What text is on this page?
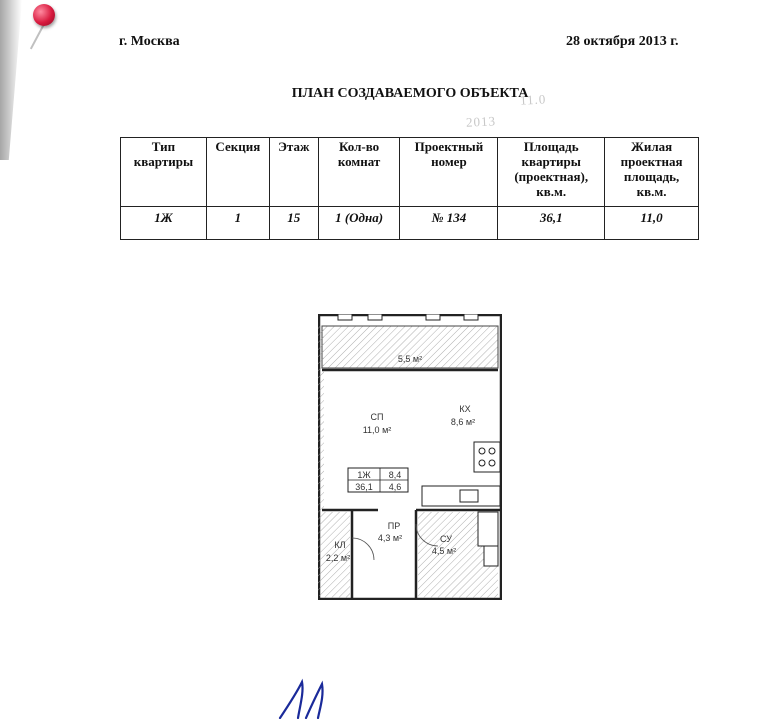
2013
11.0
г. Москва	28 октября 2013 г.
ПЛАН СОЗДАВАЕМОГО ОБЪЕКТА
Тип квартиры	Секция	Этаж	Кол-во комнат	Проектный номер	Площадь квартиры (проектная), кв.м.	Жилая проектная площадь, кв.м.
1Ж	1	15	1 (Одна)	№ 134	36,1	11,0
5,5 м²
СП
11,0 м²
КХ
8,6 м²
1Ж 8,4
36,1 4,6
ПР
4,3 м²
КЛ
2,2 м²
СУ
4,5 м²
